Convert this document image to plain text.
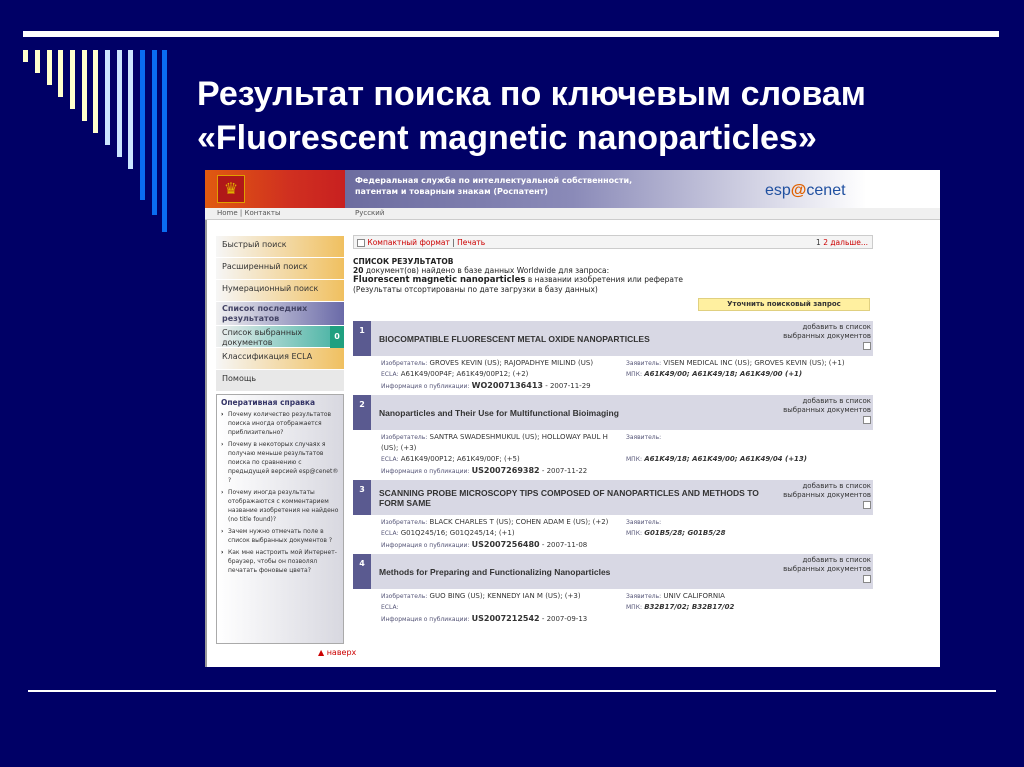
Результат поиска по ключевым словам
«Fluorescent magnetic nanoparticles»
♛	Федеральная служба по интеллектуальной собственности,
патентам и товарным знакам (Роспатент)	esp@cenet
Home | Контакты	Русский
Быстрый поиск
Расширенный поиск
Нумерационный поиск
Список последних результатов
Список выбранных документов
0
Классификация ECLA
Помощь
Оперативная справка
› Почему количество результатов поиска иногда отображается приблизительно?
› Почему в некоторых случаях я получаю меньше результатов поиска по сравнению с предыдущей версией esp@cenet® ?
› Почему иногда результаты отображаются с комментарием название изобретения не найдено (no title found)?
› Зачем нужно отмечать поле в список выбранных документов ?
› Как мне настроить мой Интернет-браузер, чтобы он позволял печатать фоновые цвета?
▲ наверх
Компактный формат | Печать	1 2 дальше...
СПИСОК РЕЗУЛЬТАТОВ
20 документ(ов) найдено в базе данных Worldwide для запроса:
Fluorescent magnetic nanoparticles в названии изобретения или реферате
(Результаты отсортированы по дате загрузки в базу данных)
Уточнить поисковый запрос
1
BIOCOMPATIBLE FLUORESCENT METAL OXIDE NANOPARTICLES
добавить в список выбранных документов
Изобретатель: GROVES KEVIN (US); RAJOPADHYE MILIND (US)	Заявитель: VISEN MEDICAL INC (US); GROVES KEVIN (US); (+1)
ECLA: A61K49/00P4F; A61K49/00P12; (+2)	МПК: A61K49/00; A61K49/18; A61K49/00 (+1)
Информация о публикации: WO2007136413 - 2007-11-29
2
Nanoparticles and Their Use for Multifunctional Bioimaging
добавить в список выбранных документов
Изобретатель: SANTRA SWADESHMUKUL (US); HOLLOWAY PAUL H (US); (+3)
Заявитель:
ECLA: A61K49/00P12; A61K49/00F; (+5)	МПК: A61K49/18; A61K49/00; A61K49/04 (+13)
Информация о публикации: US2007269382 - 2007-11-22
3	SCANNING PROBE MICROSCOPY TIPS COMPOSED OF NANOPARTICLES AND METHODS TO FORM SAME
добавить в список выбранных документов
Изобретатель: BLACK CHARLES T (US); COHEN ADAM E (US); (+2)	Заявитель:
ECLA: G01Q245/16; G01Q245/14; (+1)	МПК: G01B5/28; G01B5/28
Информация о публикации: US2007256480 - 2007-11-08
4
Methods for Preparing and Functionalizing Nanoparticles
добавить в список выбранных документов
Изобретатель: GUO BING (US); KENNEDY IAN M (US); (+3)	Заявитель: UNIV CALIFORNIA
ECLA:	МПК: B32B17/02; B32B17/02
Информация о публикации: US2007212542 - 2007-09-13
